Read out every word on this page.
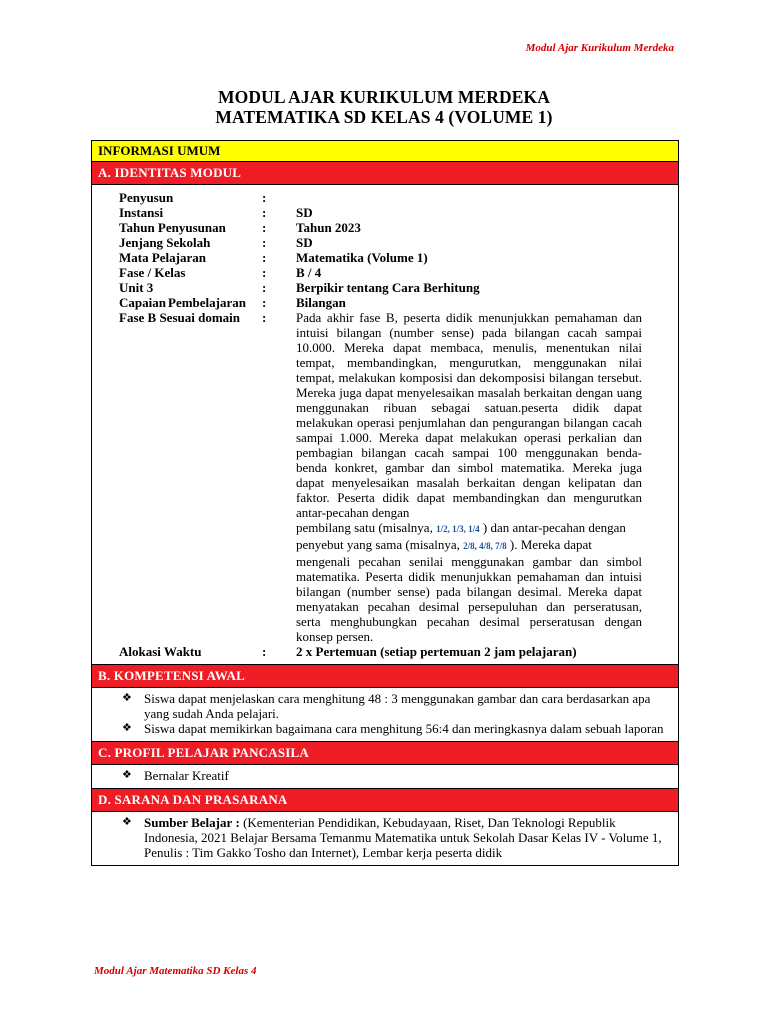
Modul Ajar Kurikulum Merdeka
MODUL AJAR KURIKULUM MERDEKA
MATEMATIKA SD KELAS 4 (VOLUME 1)
INFORMASI UMUM
A. IDENTITAS MODUL
Penyusun	:
Instansi	:	SD
Tahun Penyusunan	:	Tahun 2023
Jenjang Sekolah	:	SD
Mata Pelajaran	:	Matematika (Volume 1)
Fase / Kelas	:	B / 4
Unit 3	:	Berpikir tentang Cara Berhitung
Capaian Pembelajaran :	Bilangan
Fase B Sesuai domain	:	Pada akhir fase B, peserta didik menunjukkan pemahaman dan intuisi bilangan (number sense) pada bilangan cacah sampai 10.000. Mereka dapat membaca, menulis, menentukan nilai tempat, membandingkan, mengurutkan, menggunakan nilai tempat, melakukan komposisi dan dekomposisi bilangan tersebut. Mereka juga dapat menyelesaikan masalah berkaitan dengan uang menggunakan ribuan sebagai satuan.peserta didik dapat melakukan operasi penjumlahan dan pengurangan bilangan cacah sampai 1.000. Mereka dapat melakukan operasi perkalian dan pembagian bilangan cacah sampai 100 menggunakan benda-benda konkret, gambar dan simbol matematika. Mereka juga dapat menyelesaikan masalah berkaitan dengan kelipatan dan faktor. Peserta didik dapat membandingkan dan mengurutkan antar-pecahan dengan

pembilang satu (misalnya, 1/2, 1/3, 1/4 ) dan antar-pecahan dengan
penyebut yang sama (misalnya, 2/8, 4/8, 7/8 ). Mereka dapat

mengenali pecahan senilai menggunakan gambar dan simbol matematika. Peserta didik menunjukkan pemahaman dan intuisi bilangan (number sense) pada bilangan desimal. Mereka dapat menyatakan pecahan desimal persepuluhan dan perseratusan, serta menghubungkan pecahan desimal perseratusan dengan konsep persen.

Alokasi Waktu	:	2 x Pertemuan (setiap pertemuan 2 jam pelajaran)
B. KOMPETENSI AWAL
❖ Siswa dapat menjelaskan cara menghitung 48 : 3 menggunakan gambar dan cara berdasarkan apa yang sudah Anda pelajari.
❖ Siswa dapat memikirkan bagaimana cara menghitung 56:4 dan meringkasnya dalam sebuah laporan
C. PROFIL PELAJAR PANCASILA
❖ Bernalar Kreatif
D. SARANA DAN PRASARANA
❖ Sumber Belajar : (Kementerian Pendidikan, Kebudayaan, Riset, Dan Teknologi Republik Indonesia, 2021 Belajar Bersama Temanmu Matematika untuk Sekolah Dasar Kelas IV - Volume 1, Penulis : Tim Gakko Tosho dan Internet), Lembar kerja peserta didik
Modul Ajar Matematika SD Kelas 4
